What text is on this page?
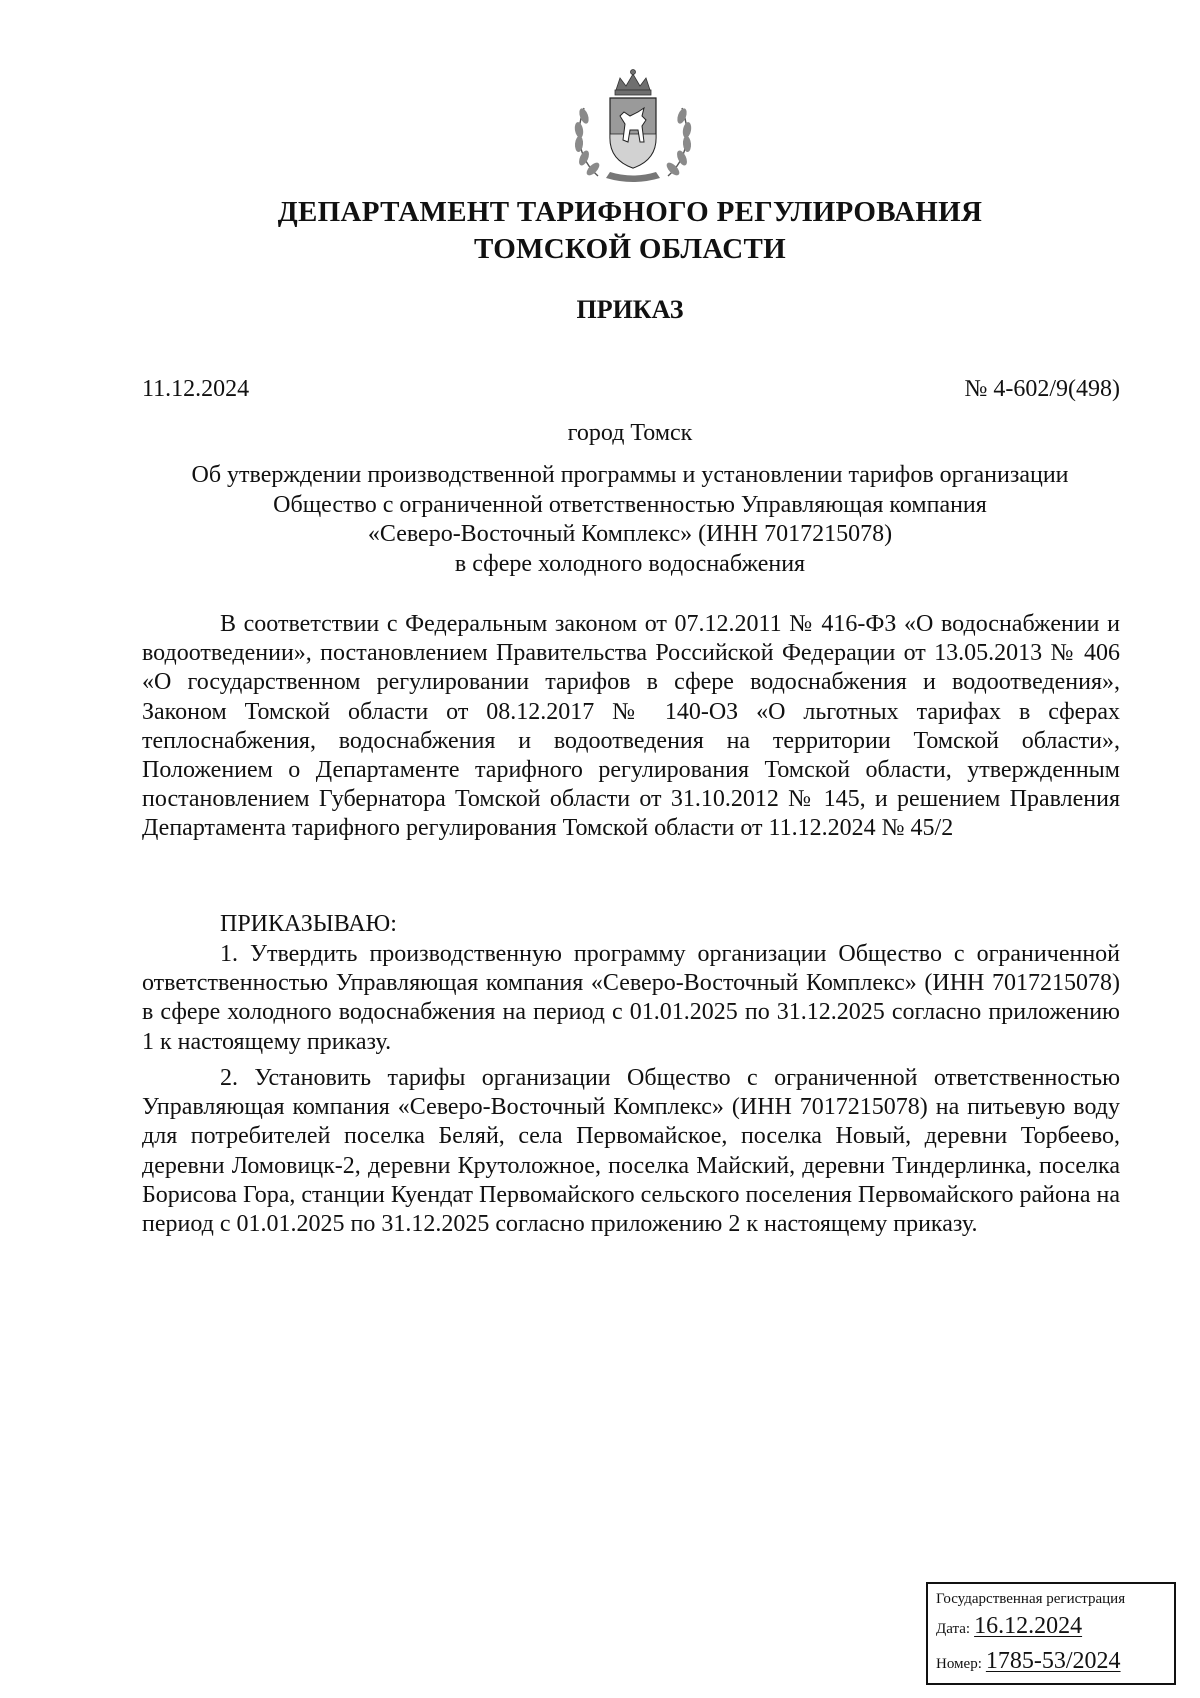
ДЕПАРТАМЕНТ ТАРИФНОГО РЕГУЛИРОВАНИЯ
ТОМСКОЙ ОБЛАСТИ
ПРИКАЗ
11.12.2024	№ 4-602/9(498)
город Томск
Об утверждении производственной программы и установлении тарифов организации
Общество с ограниченной ответственностью Управляющая компания
«Северо-Восточный Комплекс» (ИНН 7017215078)
в сфере холодного водоснабжения

В соответствии с Федеральным законом от 07.12.2011 № 416-ФЗ «О водоснабжении и водоотведении», постановлением Правительства Российской Федерации от 13.05.2013 № 406 «О государственном регулировании тарифов в сфере водоснабжения и водоотведения», Законом Томской области от 08.12.2017 № 140-ОЗ «О льготных тарифах в сферах теплоснабжения, водоснабжения и водоотведения на территории Томской области», Положением о Департаменте тарифного регулирования Томской области, утвержденным постановлением Губернатора Томской области от 31.10.2012 № 145, и решением Правления Департамента тарифного регулирования Томской области от 11.12.2024 № 45/2

ПРИКАЗЫВАЮ:

1. Утвердить производственную программу организации Общество с ограниченной ответственностью Управляющая компания «Северо-Восточный Комплекс» (ИНН 7017215078) в сфере холодного водоснабжения на период с 01.01.2025 по 31.12.2025 согласно приложению 1 к настоящему приказу.

2. Установить тарифы организации Общество с ограниченной ответственностью Управляющая компания «Северо-Восточный Комплекс» (ИНН 7017215078) на питьевую воду для потребителей поселка Беляй, села Первомайское, поселка Новый, деревни Торбеево, деревни Ломовицк-2, деревни Крутоложное, поселка Майский, деревни Тиндерлинка, поселка Борисова Гора, станции Куендат Первомайского сельского поселения Первомайского района на период с 01.01.2025 по 31.12.2025 согласно приложению 2 к настоящему приказу.

Государственная регистрация
Дата: 16.12.2024
Номер: 1785-53/2024
